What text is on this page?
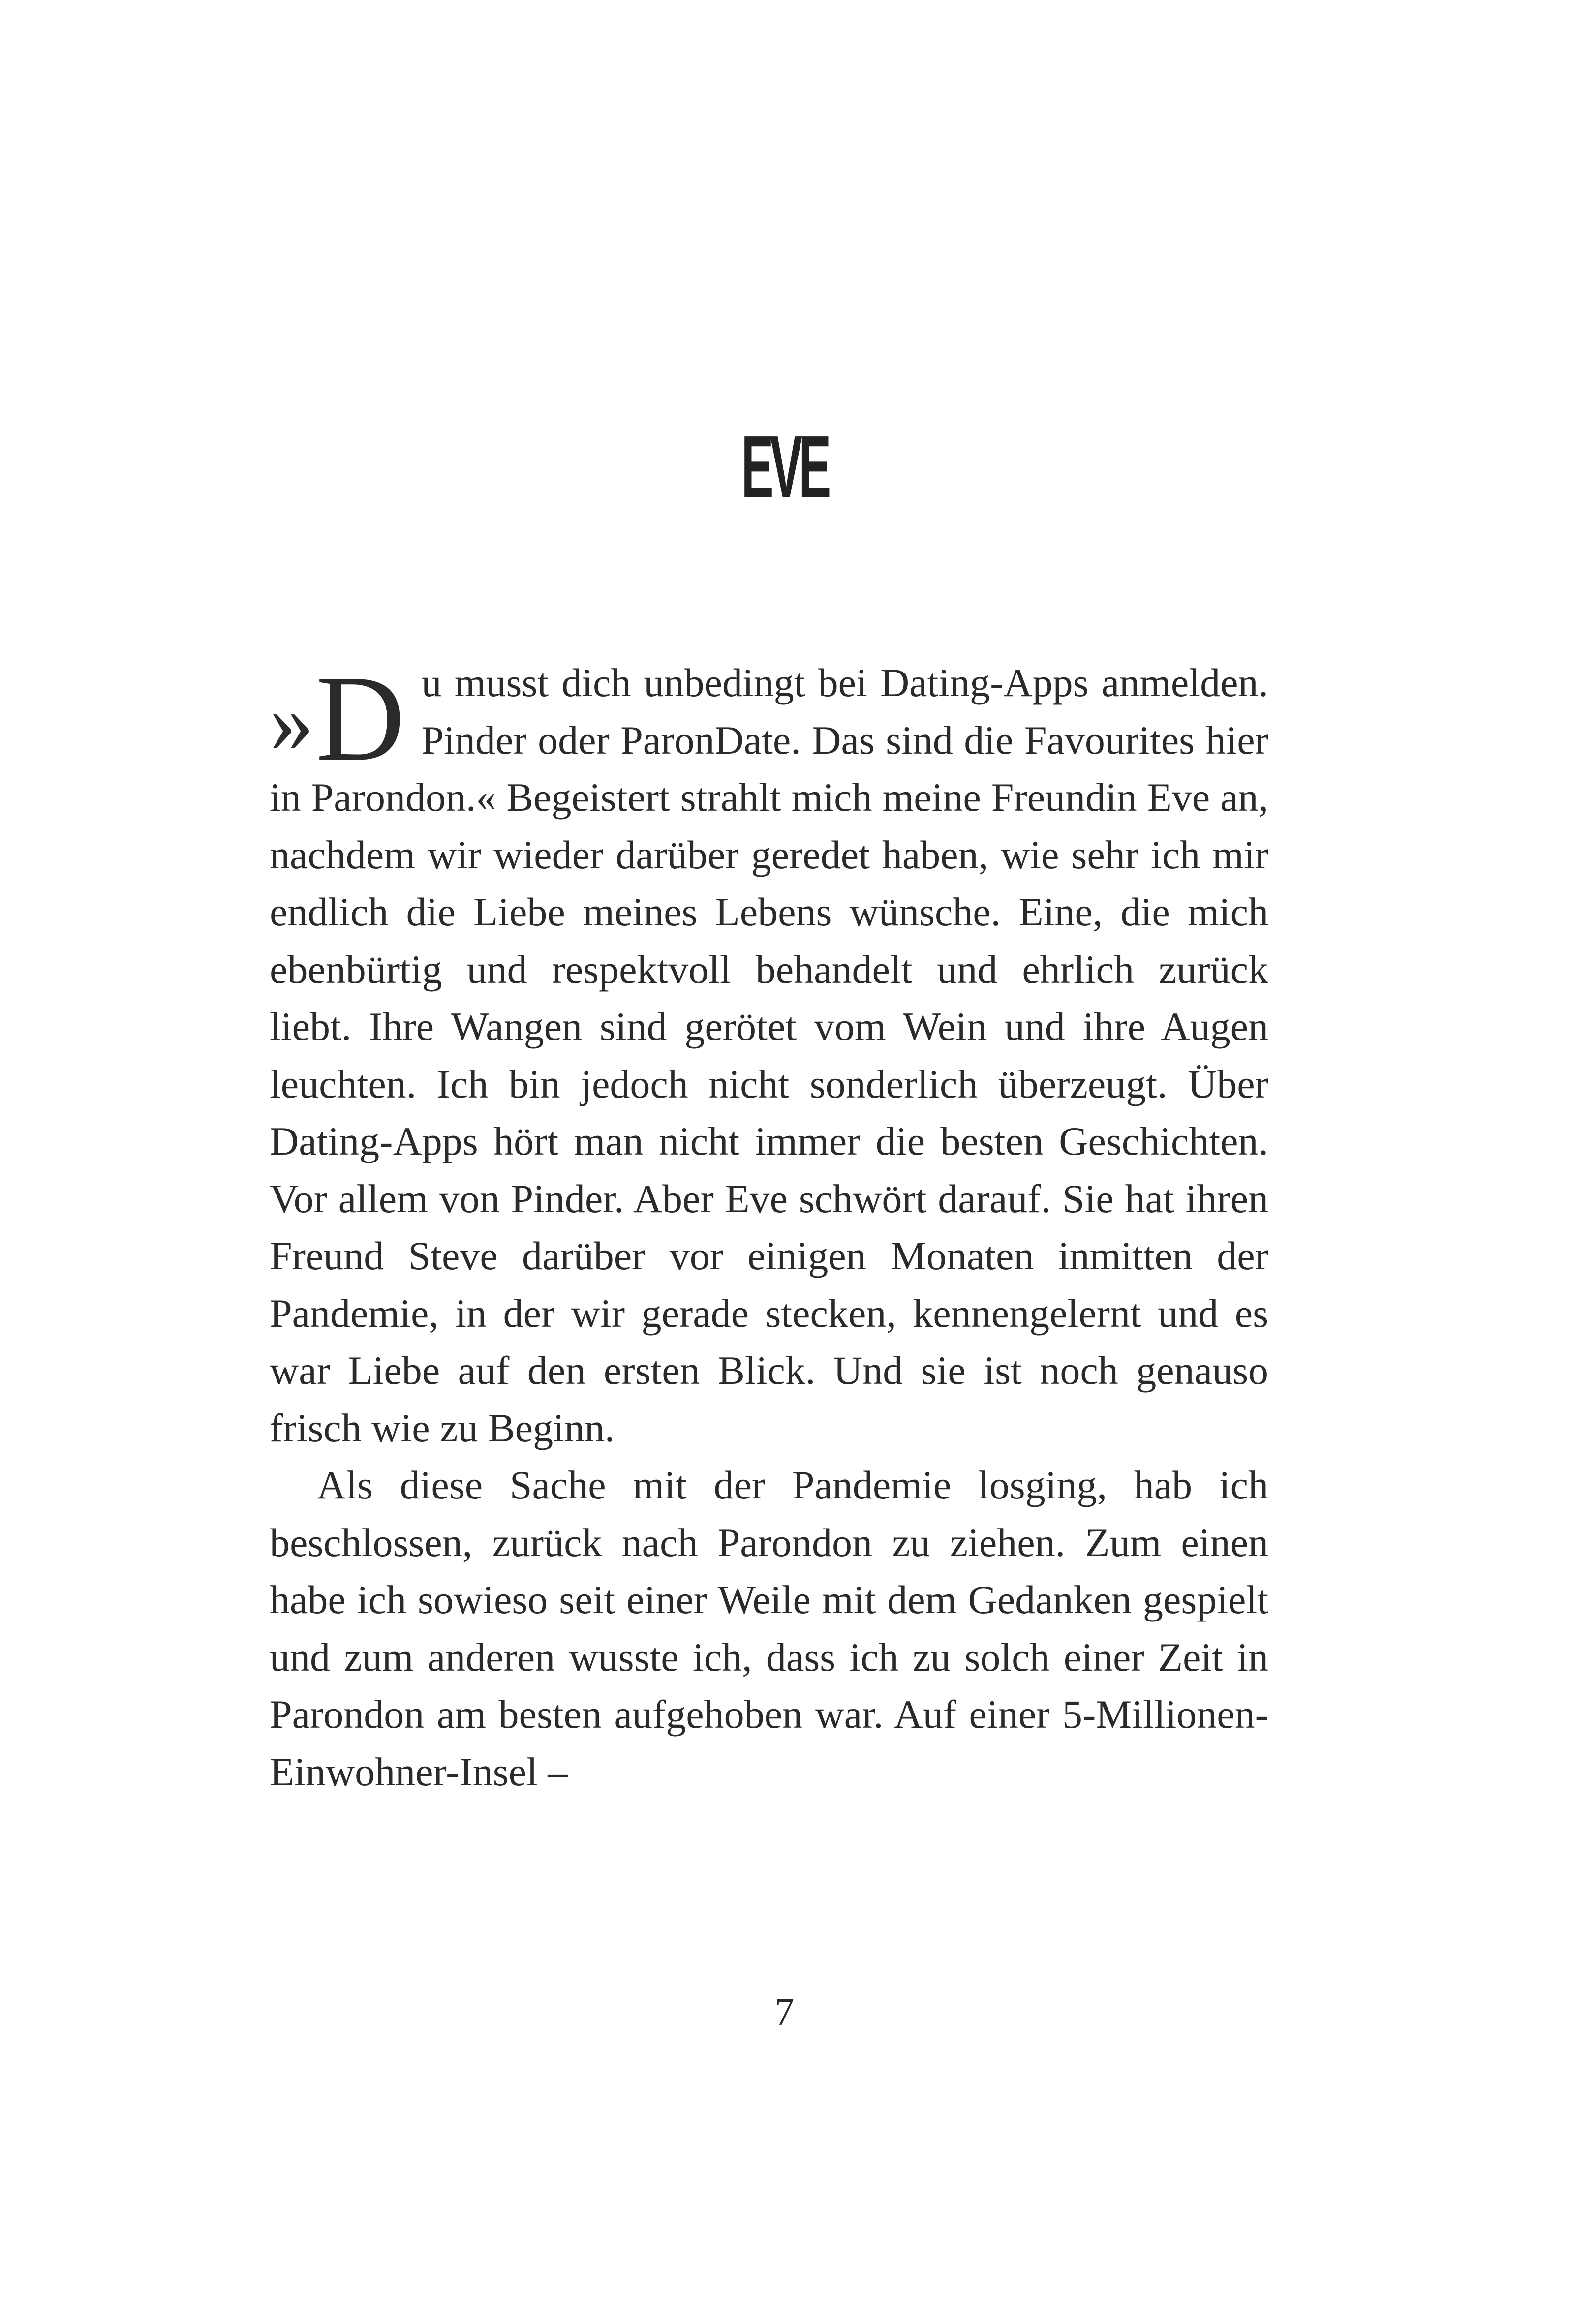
EVE

» D u musst dich unbedingt bei Dating-Apps anmelden. Pinder oder ParonDate. Das sind die Favourites hier in Parondon.« Begeistert strahlt mich meine Freundin Eve an, nachdem wir wieder darüber geredet haben, wie sehr ich mir endlich die Liebe meines Lebens wünsche. Eine, die mich ebenbürtig und respektvoll behandelt und ehrlich zurück liebt. Ihre Wangen sind gerötet vom Wein und ihre Augen leuchten. Ich bin jedoch nicht sonderlich überzeugt. Über Dating-Apps hört man nicht immer die besten Geschichten. Vor allem von Pinder. Aber Eve schwört darauf. Sie hat ihren Freund Steve darüber vor einigen Monaten inmitten der Pandemie, in der wir gerade stecken, kennengelernt und es war Liebe auf den ersten Blick. Und sie ist noch genauso frisch wie zu Beginn.

Als diese Sache mit der Pandemie losging, hab ich beschlossen, zurück nach Parondon zu ziehen. Zum einen habe ich sowieso seit einer Weile mit dem Gedanken gespielt und zum anderen wusste ich, dass ich zu solch einer Zeit in Parondon am besten aufgehoben war. Auf einer 5-Millionen-Einwohner-Insel –

7
